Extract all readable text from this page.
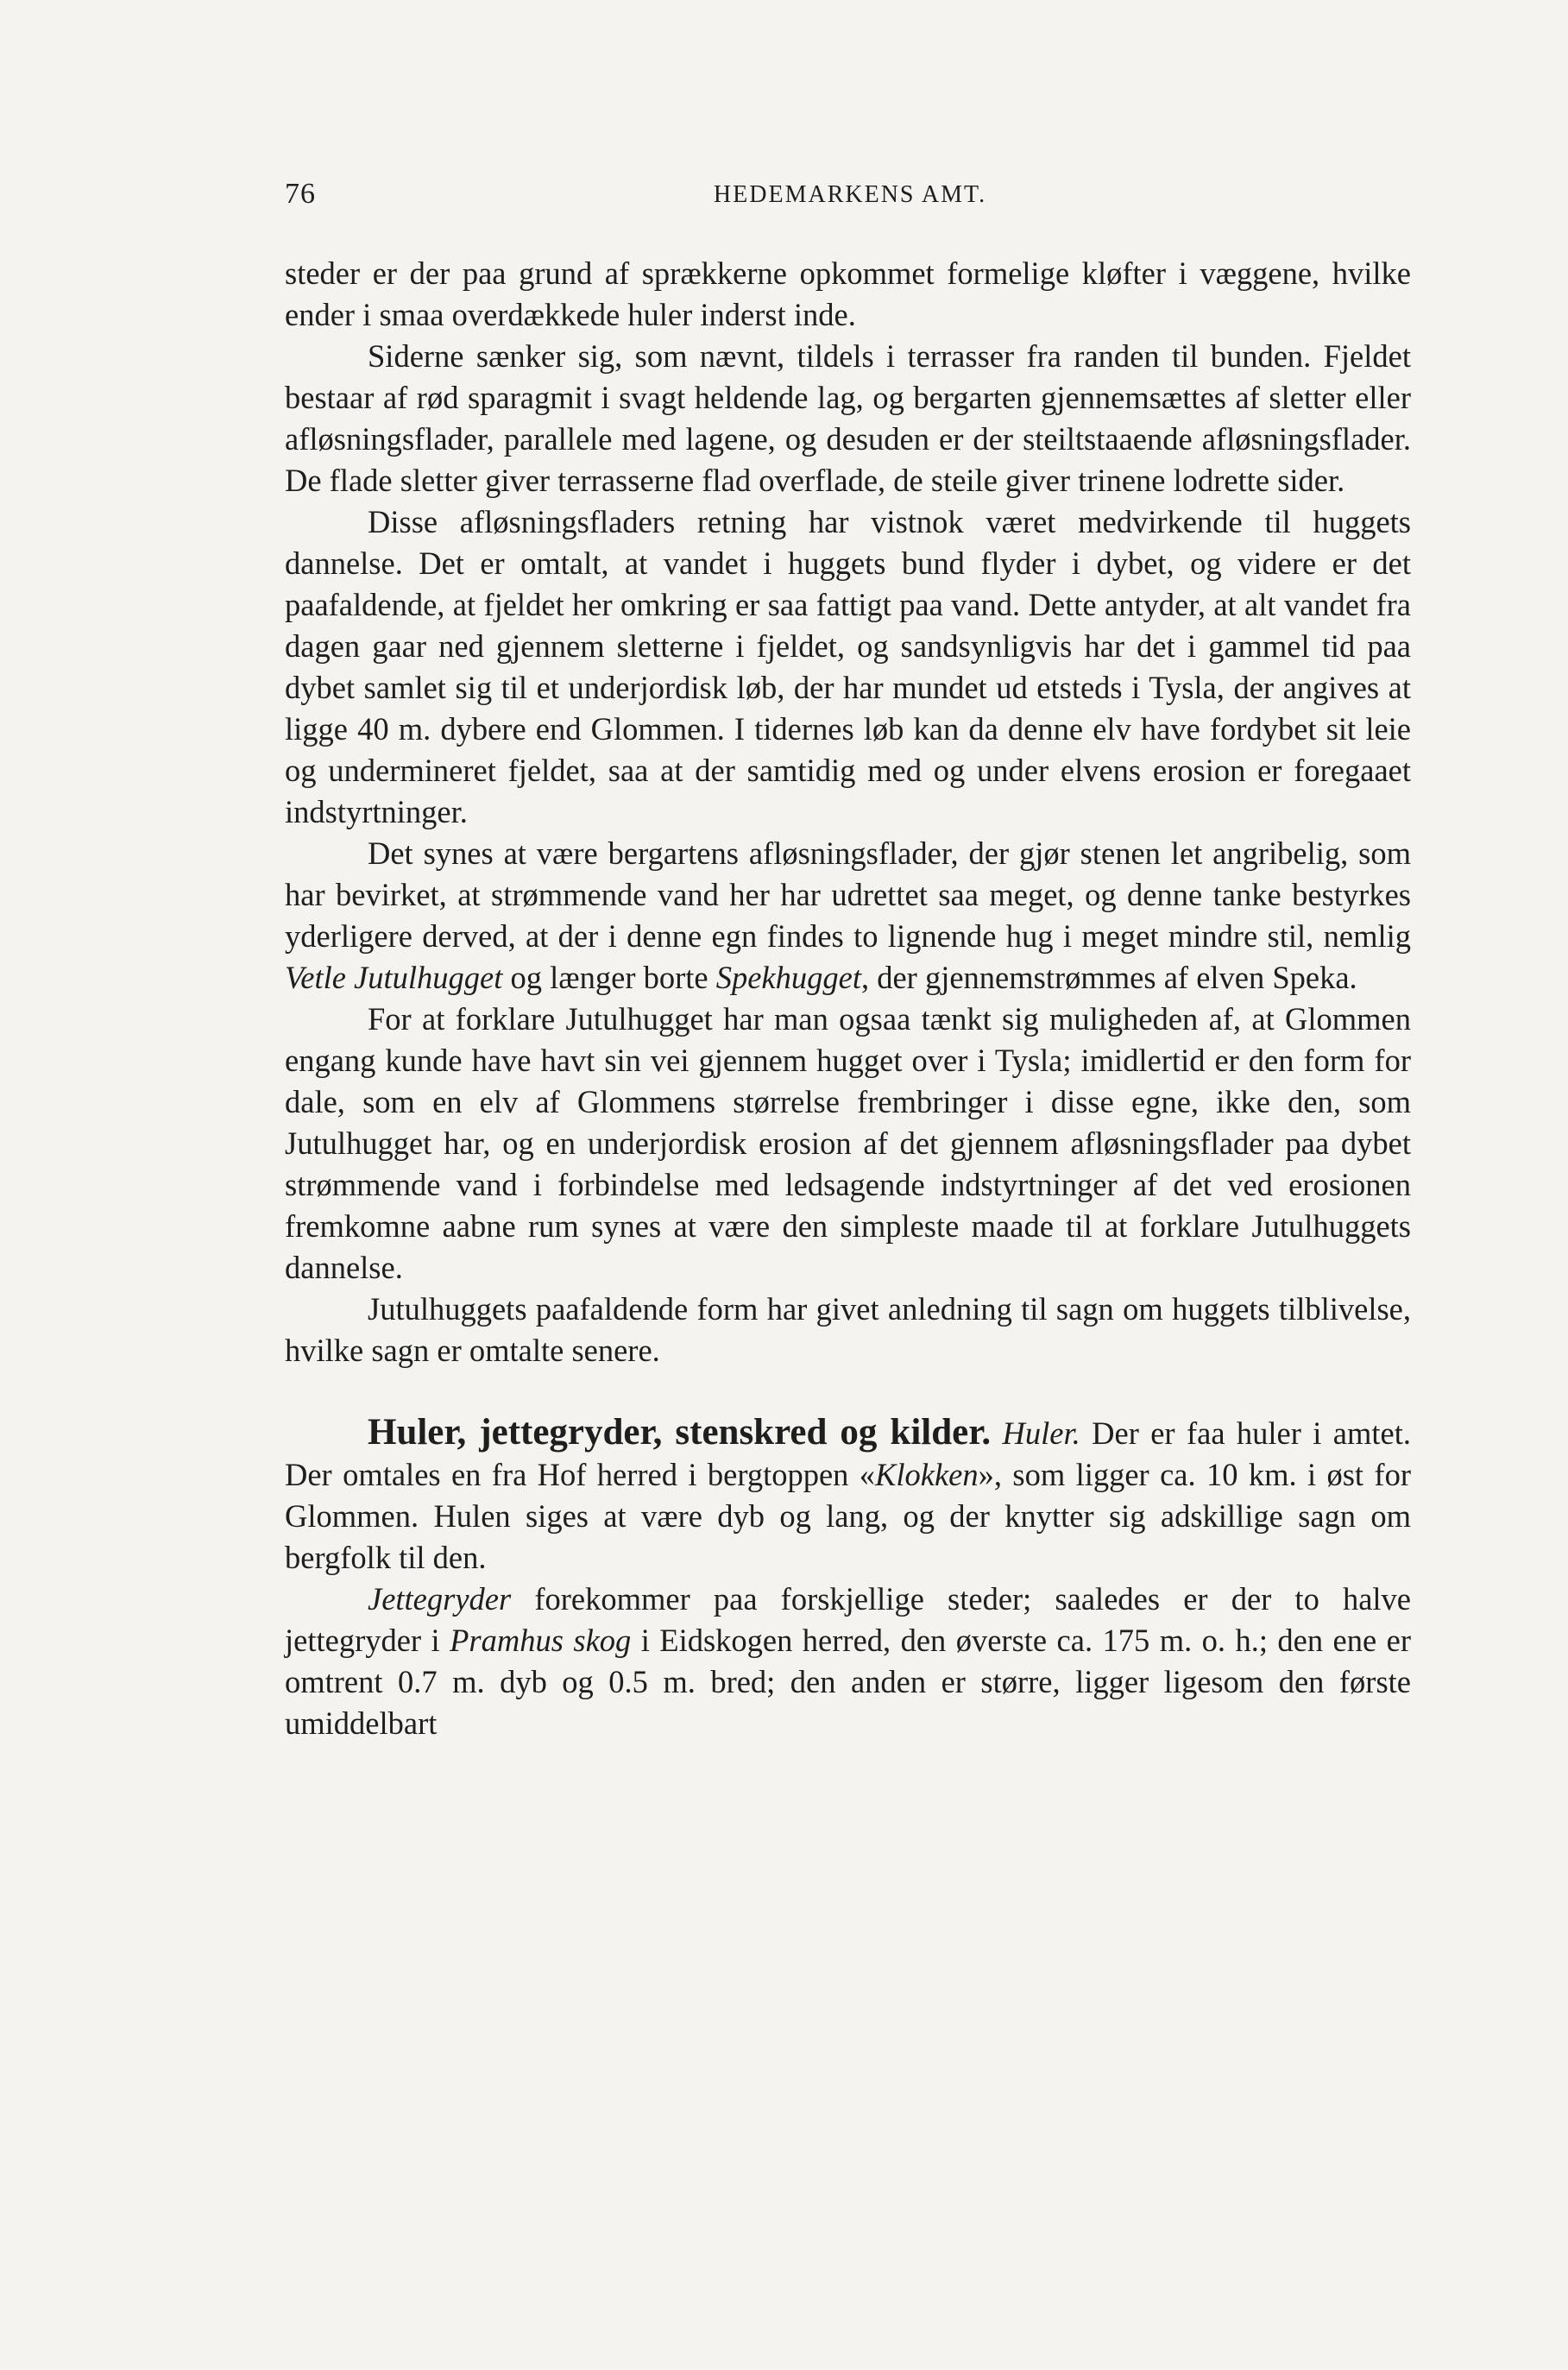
76	HEDEMARKENS AMT.

steder er der paa grund af sprækkerne opkommet formelige kløfter i væggene, hvilke ender i smaa overdækkede huler inderst inde.

Siderne sænker sig, som nævnt, tildels i terrasser fra randen til bunden. Fjeldet bestaar af rød sparagmit i svagt heldende lag, og bergarten gjennemsættes af sletter eller afløsningsflader, parallele med lagene, og desuden er der steiltstaaende afløsningsflader. De flade sletter giver terrasserne flad overflade, de steile giver trinene lodrette sider.

Disse afløsningsfladers retning har vistnok været medvirkende til huggets dannelse. Det er omtalt, at vandet i huggets bund flyder i dybet, og videre er det paafaldende, at fjeldet her omkring er saa fattigt paa vand. Dette antyder, at alt vandet fra dagen gaar ned gjennem sletterne i fjeldet, og sandsynligvis har det i gammel tid paa dybet samlet sig til et underjordisk løb, der har mundet ud etsteds i Tysla, der angives at ligge 40 m. dybere end Glommen. I tidernes løb kan da denne elv have fordybet sit leie og undermineret fjeldet, saa at der samtidig med og under elvens erosion er foregaaet indstyrtninger.

Det synes at være bergartens afløsningsflader, der gjør stenen let angribelig, som har bevirket, at strømmende vand her har udrettet saa meget, og denne tanke bestyrkes yderligere derved, at der i denne egn findes to lignende hug i meget mindre stil, nemlig Vetle Jutulhugget og længer borte Spekhugget, der gjennemstrømmes af elven Speka.

For at forklare Jutulhugget har man ogsaa tænkt sig muligheden af, at Glommen engang kunde have havt sin vei gjennem hugget over i Tysla; imidlertid er den form for dale, som en elv af Glommens størrelse frembringer i disse egne, ikke den, som Jutulhugget har, og en underjordisk erosion af det gjennem afløsningsflader paa dybet strømmende vand i forbindelse med ledsagende indstyrtninger af det ved erosionen fremkomne aabne rum synes at være den simpleste maade til at forklare Jutulhuggets dannelse.

Jutulhuggets paafaldende form har givet anledning til sagn om huggets tilblivelse, hvilke sagn er omtalte senere.

Huler, jettegryder, stenskred og kilder. Huler. Der er faa huler i amtet. Der omtales en fra Hof herred i bergtoppen «Klokken», som ligger ca. 10 km. i øst for Glommen. Hulen siges at være dyb og lang, og der knytter sig adskillige sagn om bergfolk til den.

Jettegryder forekommer paa forskjellige steder; saaledes er der to halve jettegryder i Pramhus skog i Eidskogen herred, den øverste ca. 175 m. o. h.; den ene er omtrent 0.7 m. dyb og 0.5 m. bred; den anden er større, ligger ligesom den første umiddelbart
